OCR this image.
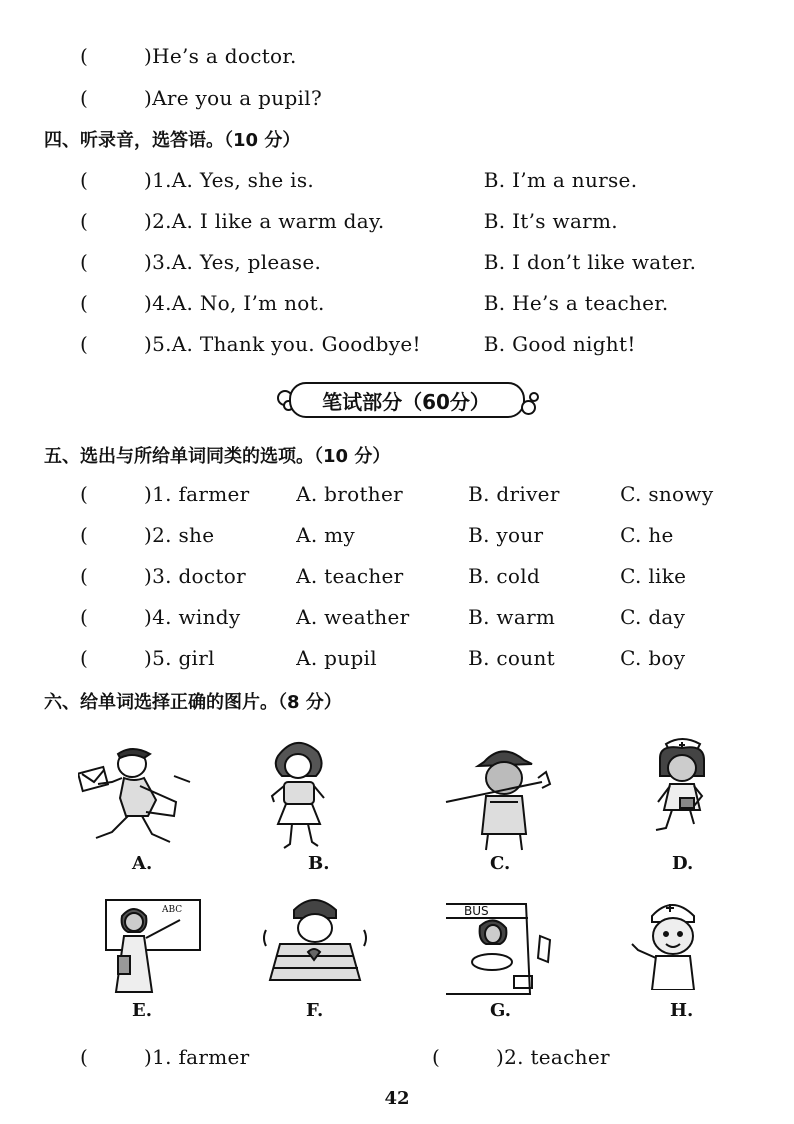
(	)He’s a doctor.
(	)Are you a pupil?
四、听录音，选答语。（10 分）
(	)1.A. Yes, she is.	B. I’m a nurse.
(	)2.A. I like a warm day.	B. It’s warm.
(	)3.A. Yes, please.	B. I don’t like water.
(	)4.A. No, I’m not.	B. He’s a teacher.
(	)5.A. Thank you. Goodbye!	B. Good night!
笔试部分（60分）
五、选出与所给单词同类的选项。（10 分）
(	)1. farmer A. brother	B. driver	C. snowy
(	)2. she	A. my	B. your	C. he
(	)3. doctor	A. teacher	B. cold	C. like
(	)4. windy	A. weather	B. warm	C. day
(	)5. girl	A. pupil	B. count	C. boy
六、给单词选择正确的图片。（8 分）
A.	B.	C.	D.
ABC
E.	F.
BUS
G.	H.
(	)1. farmer	(	)2. teacher
42
